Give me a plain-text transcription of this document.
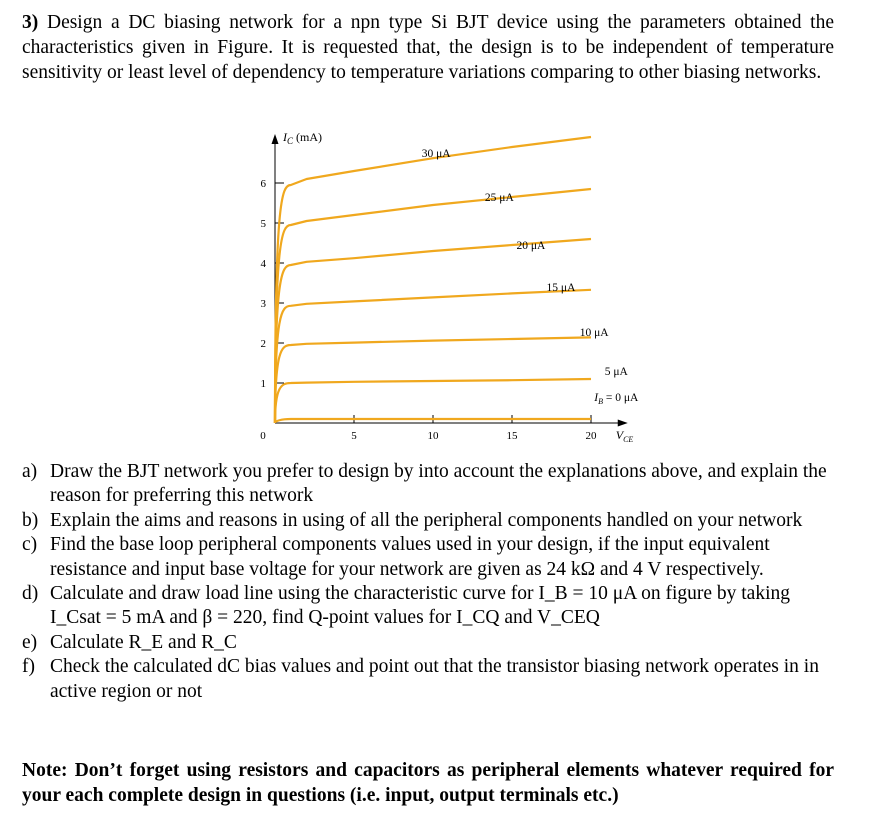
3) Design a DC biasing network for a npn type Si BJT device using the parameters obtained the characteristics given in Figure. It is requested that, the design is to be independent of temperature sensitivity or least level of dependency to temperature variations comparing to other biasing networks.
1
2
3
4
5
6
5	10	15	20
0
$I_C$ (mA)
$V_{CE}$
30 μA
25 μA
20 μA
15 μA
10 μA
5 μA
$I_B = 0$ μA
a) Draw the BJT network you prefer to design by into account the explanations above, and explain the reason for preferring this network
b) Explain the aims and reasons in using of all the peripheral components handled on your network
c) Find the base loop peripheral components values used in your design, if the input equivalent resistance and input base voltage for your network are given as 24 kΩ and 4 V respectively.
d) Calculate and draw load line using the characteristic curve for I_B = 10 μA on figure by taking I_Csat = 5 mA and β = 220, find Q-point values for I_CQ and V_CEQ
e) Calculate R_E and R_C
f) Check the calculated dC bias values and point out that the transistor biasing network operates in in active region or not
Note: Don’t forget using resistors and capacitors as peripheral elements whatever required for your each complete design in questions (i.e. input, output terminals etc.)
